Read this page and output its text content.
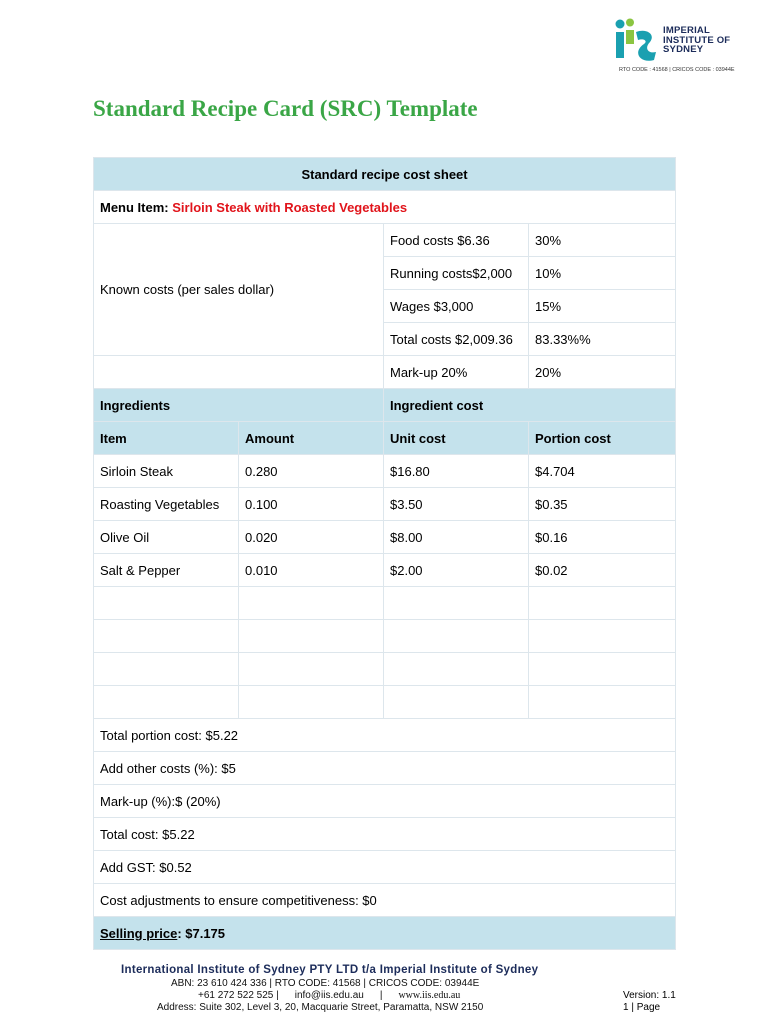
IMPERIAL
INSTITUTE OF
SYDNEY
RTO CODE : 41568 | CRICOS CODE : 03944E
Standard Recipe Card (SRC) Template
Standard recipe cost sheet			
Menu Item: Sirloin Steak with Roasted Vegetables			
Known costs (per sales dollar)		Food costs $6.36	30%
		Running costs$2,000	10%
		Wages $3,000	15%
		Total costs $2,009.36	83.33%%
		Mark-up 20%	20%
Ingredients		Ingredient cost	
Item	Amount	Unit cost	Portion cost
Sirloin Steak	0.280	$16.80	$4.704
Roasting Vegetables	0.100	$3.50	$0.35
Olive Oil	0.020	$8.00	$0.16
Salt & Pepper	0.010	$2.00	$0.02

Total portion cost: $5.22			
Add other costs (%): $5			
Mark-up (%):$ (20%)			
Total cost: $5.22			
Add GST: $0.52			
Cost adjustments to ensure competitiveness: $0			
Selling price: $7.175			
International Institute of Sydney PTY LTD t/a Imperial Institute of Sydney
ABN: 23 610 424 336 | RTO CODE: 41568 | CRICOS CODE: 03944E
+61 272 522 525 | info@iis.edu.au | www.iis.edu.au
Address: Suite 302, Level 3, 20, Macquarie Street, Paramatta, NSW 2150
Version: 1.1
1 | Page
